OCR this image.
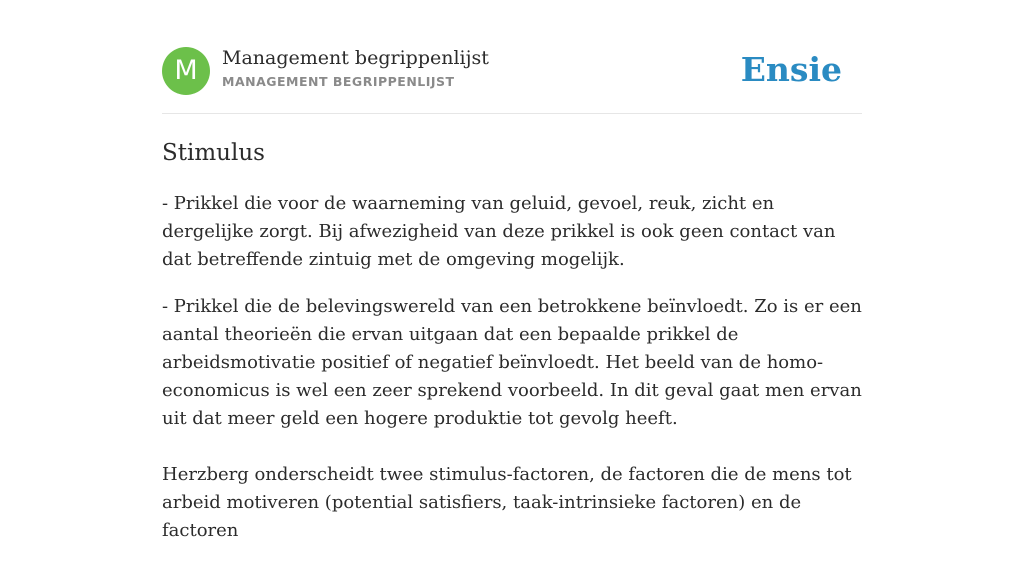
M	Management begrippenlijst
MANAGEMENT BEGRIPPENLIJST	Ensie
Stimulus

- Prikkel die voor de waarneming van geluid, gevoel, reuk, zicht en dergelijke zorgt. Bij afwezigheid van deze prikkel is ook geen contact van dat betreffende zintuig met de omgeving mogelijk.

- Prikkel die de belevingswereld van een betrokkene beïnvloedt. Zo is er een aantal theorieën die ervan uitgaan dat een bepaalde prikkel de arbeidsmotivatie positief of negatief beïnvloedt. Het beeld van de homo-economicus is wel een zeer sprekend voorbeeld. In dit geval gaat men ervan uit dat meer geld een hogere produktie tot gevolg heeft.

Herzberg onderscheidt twee stimulus-factoren, de factoren die de mens tot arbeid motiveren (potential satisfiers, taak-intrinsieke factoren) en de factoren
